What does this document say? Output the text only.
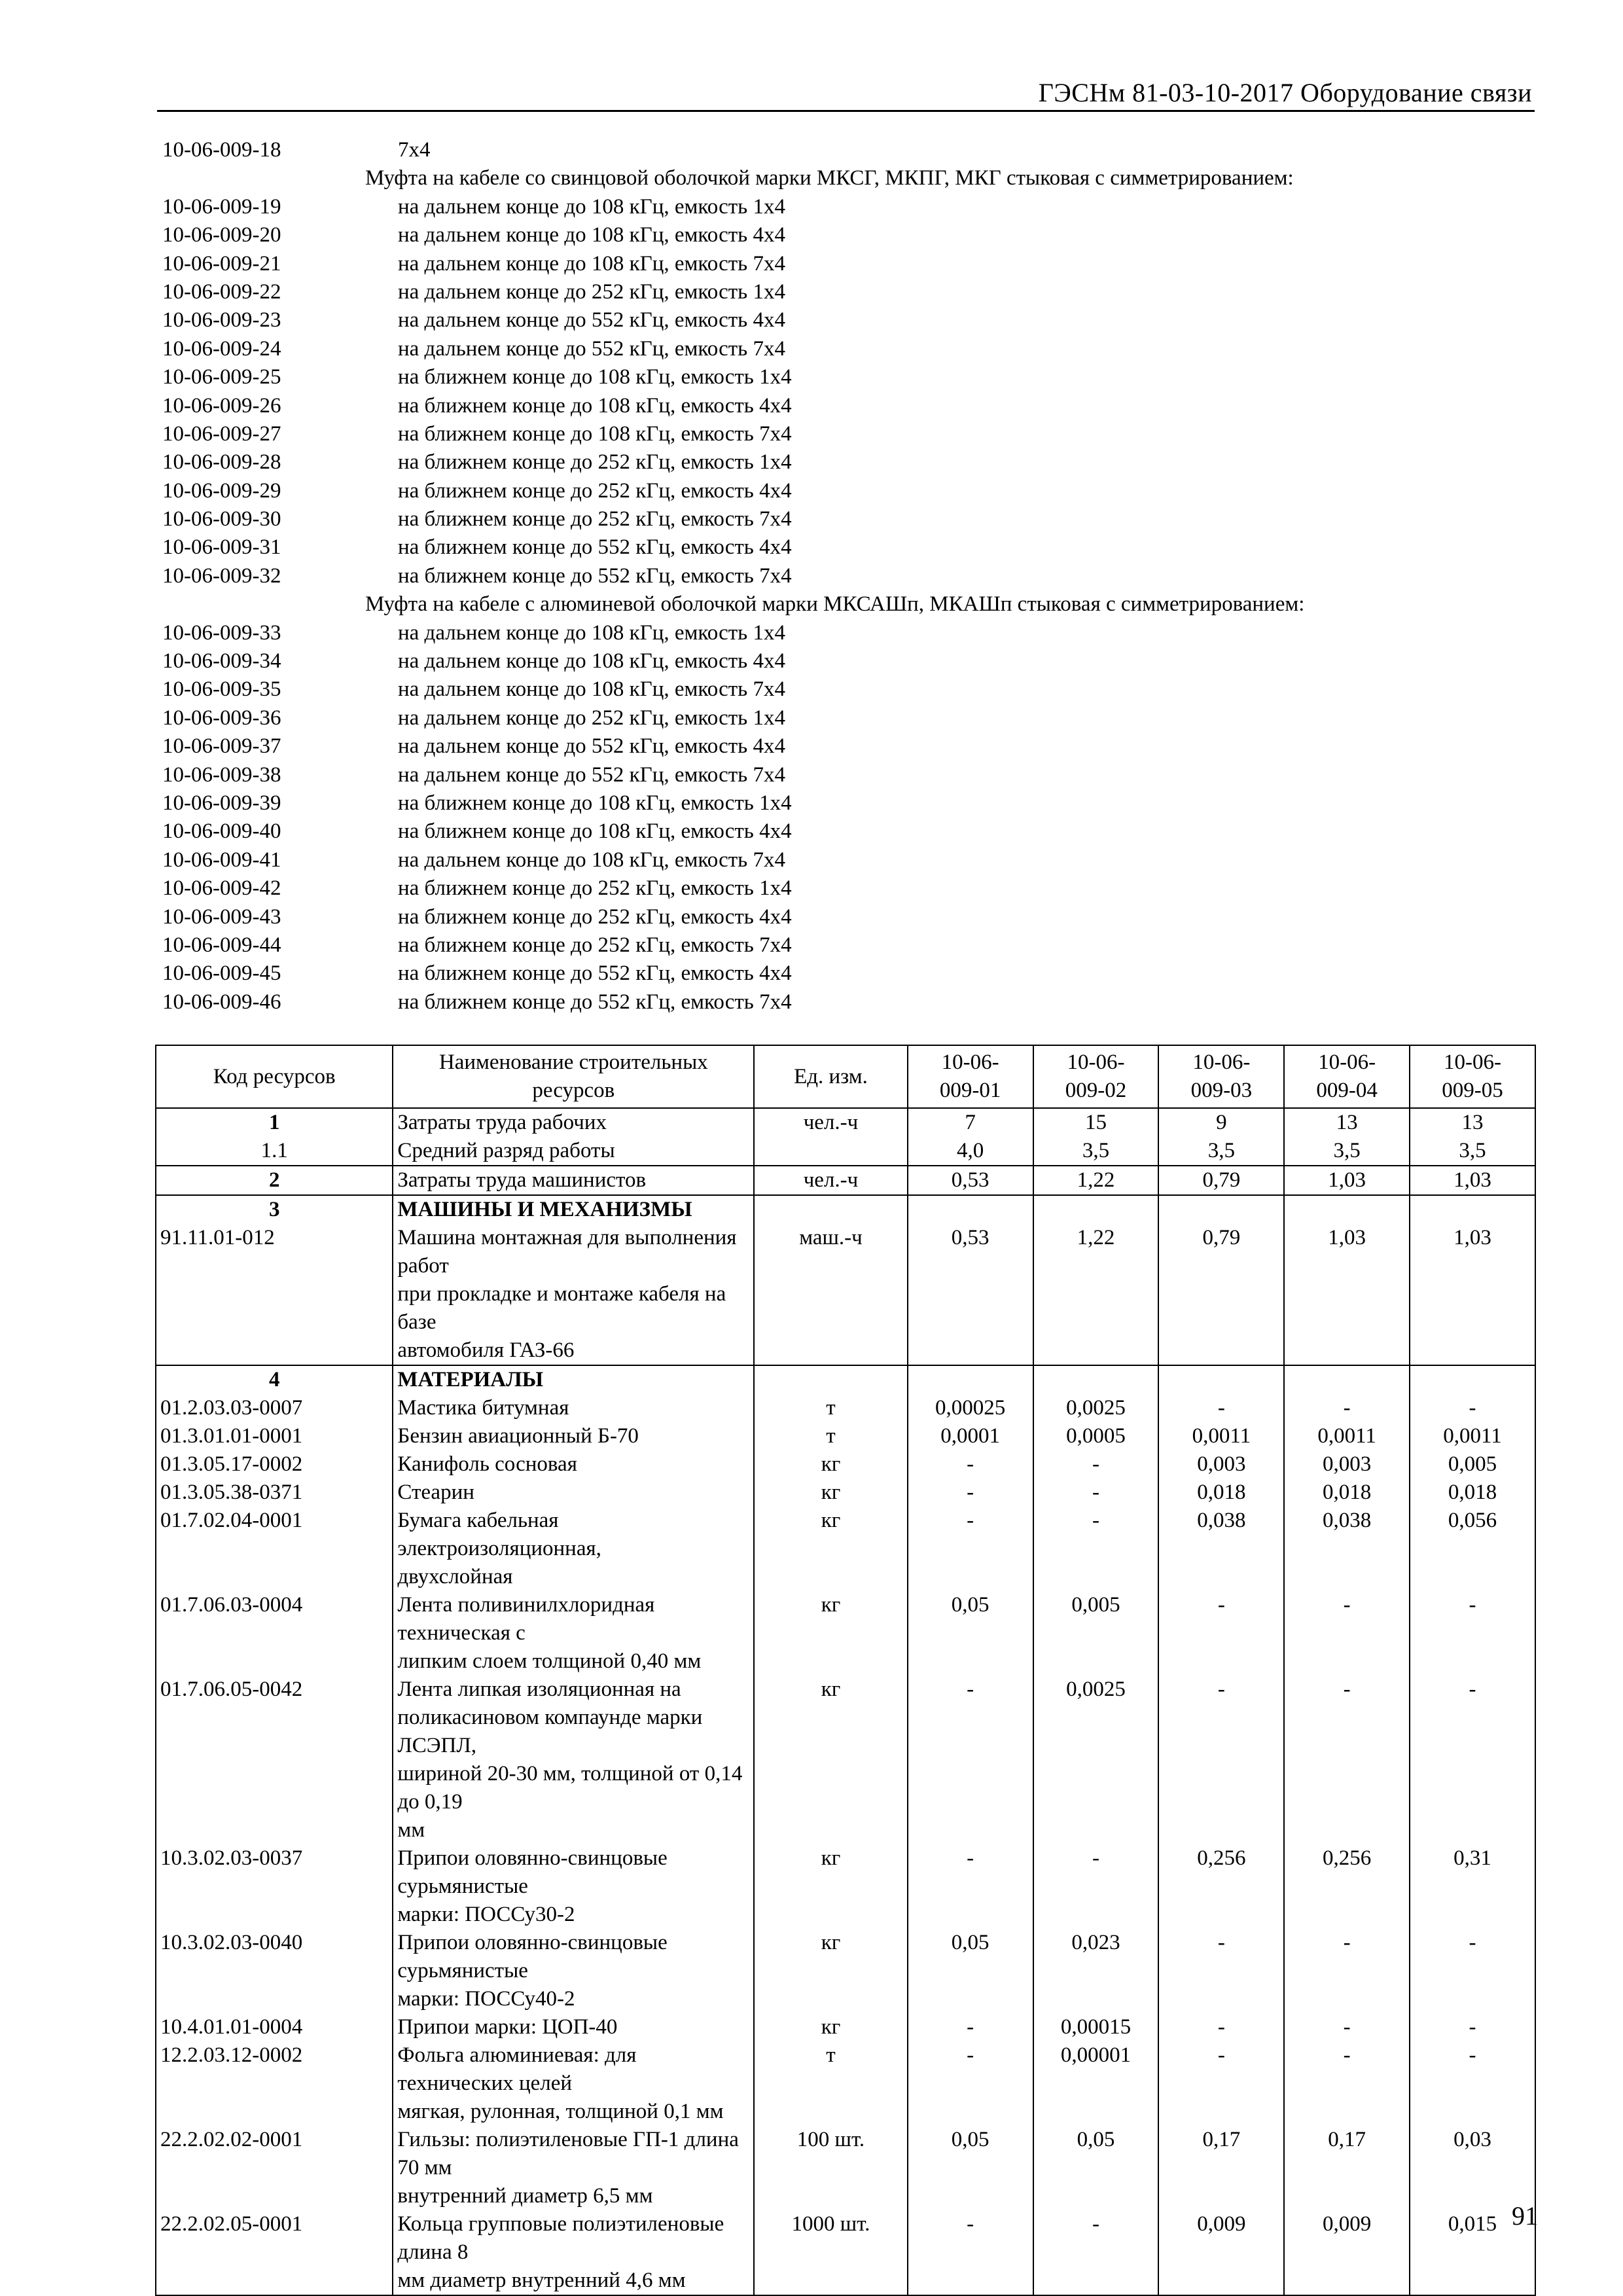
ГЭСНм 81-03-10-2017 Оборудование связи
10-06-009-18	7x4
Муфта на кабеле со свинцовой оболочкой марки МКСГ, МКПГ, МКГ стыковая с симметрированием:
10-06-009-19	на дальнем конце до 108 кГц, емкость 1x4
10-06-009-20	на дальнем конце до 108 кГц, емкость 4x4
10-06-009-21	на дальнем конце до 108 кГц, емкость 7x4
10-06-009-22	на дальнем конце до 252 кГц, емкость 1x4
10-06-009-23	на дальнем конце до 552 кГц, емкость 4x4
10-06-009-24	на дальнем конце до 552 кГц, емкость 7x4
10-06-009-25	на ближнем конце до 108 кГц, емкость 1x4
10-06-009-26	на ближнем конце до 108 кГц, емкость 4x4
10-06-009-27	на ближнем конце до 108 кГц, емкость 7x4
10-06-009-28	на ближнем конце до 252 кГц, емкость 1x4
10-06-009-29	на ближнем конце до 252 кГц, емкость 4x4
10-06-009-30	на ближнем конце до 252 кГц, емкость 7x4
10-06-009-31	на ближнем конце до 552 кГц, емкость 4x4
10-06-009-32	на ближнем конце до 552 кГц, емкость 7x4
Муфта на кабеле с алюминевой оболочкой марки МКСАШп, МКАШп стыковая с симметрированием:
10-06-009-33	на дальнем конце до 108 кГц, емкость 1x4
10-06-009-34	на дальнем конце до 108 кГц, емкость 4x4
10-06-009-35	на дальнем конце до 108 кГц, емкость 7x4
10-06-009-36	на дальнем конце до 252 кГц, емкость 1x4
10-06-009-37	на дальнем конце до 552 кГц, емкость 4x4
10-06-009-38	на дальнем конце до 552 кГц, емкость 7x4
10-06-009-39	на ближнем конце до 108 кГц, емкость 1x4
10-06-009-40	на ближнем конце до 108 кГц, емкость 4x4
10-06-009-41	на дальнем конце до 108 кГц, емкость 7x4
10-06-009-42	на ближнем конце до 252 кГц, емкость 1x4
10-06-009-43	на ближнем конце до 252 кГц, емкость 4x4
10-06-009-44	на ближнем конце до 252 кГц, емкость 7x4
10-06-009-45	на ближнем конце до 552 кГц, емкость 4x4
10-06-009-46	на ближнем конце до 552 кГц, емкость 7x4
Код ресурсов	Наименование строительных ресурсов	Ед. изм.	10-06-
009-01	10-06-
009-02	10-06-
009-03	10-06-
009-04	10-06-
009-05
1	Затраты труда рабочих	чел.-ч	7	15	9	13	13
1.1	Средний разряд работы		4,0	3,5	3,5	3,5	3,5
2	Затраты труда машинистов	чел.-ч	0,53	1,22	0,79	1,03	1,03
3	МАШИНЫ И МЕХАНИЗМЫ						
91.11.01-012	Машина монтажная для выполнения работ
при прокладке и монтаже кабеля на базе
автомобиля ГАЗ-66	маш.-ч	0,53	1,22	0,79	1,03	1,03
4	МАТЕРИАЛЫ						
01.2.03.03-0007	Мастика битумная	т	0,00025	0,0025	-	-	-
01.3.01.01-0001	Бензин авиационный Б-70	т	0,0001	0,0005	0,0011	0,0011	0,0011
01.3.05.17-0002	Канифоль сосновая	кг	-	-	0,003	0,003	0,005
01.3.05.38-0371	Стеарин	кг	-	-	0,018	0,018	0,018
01.7.02.04-0001	Бумага кабельная электроизоляционная,
двухслойная	кг	-	-	0,038	0,038	0,056
01.7.06.03-0004	Лента поливинилхлоридная техническая с
липким слоем толщиной 0,40 мм	кг	0,05	0,005	-	-	-
01.7.06.05-0042	Лента липкая изоляционная на
поликасиновом компаунде марки ЛСЭПЛ,
шириной 20-30 мм, толщиной от 0,14 до 0,19
мм	кг	-	0,0025	-	-	-
10.3.02.03-0037	Припои оловянно-свинцовые сурьмянистые
марки: ПОССу30-2	кг	-	-	0,256	0,256	0,31
10.3.02.03-0040	Припои оловянно-свинцовые сурьмянистые
марки: ПОССу40-2	кг	0,05	0,023	-	-	-
10.4.01.01-0004	Припои марки: ЦОП-40	кг	-	0,00015	-	-	-
12.2.03.12-0002	Фольга алюминиевая: для технических целей
мягкая, рулонная, толщиной 0,1 мм	т	-	0,00001	-	-	-
22.2.02.02-0001	Гильзы: полиэтиленовые ГП-1 длина 70 мм
внутренний диаметр 6,5 мм	100 шт.	0,05	0,05	0,17	0,17	0,03
22.2.02.05-0001	Кольца групповые полиэтиленовые длина 8
мм диаметр внутренний 4,6 мм	1000 шт.	-	-	0,009	0,009	0,015 91
